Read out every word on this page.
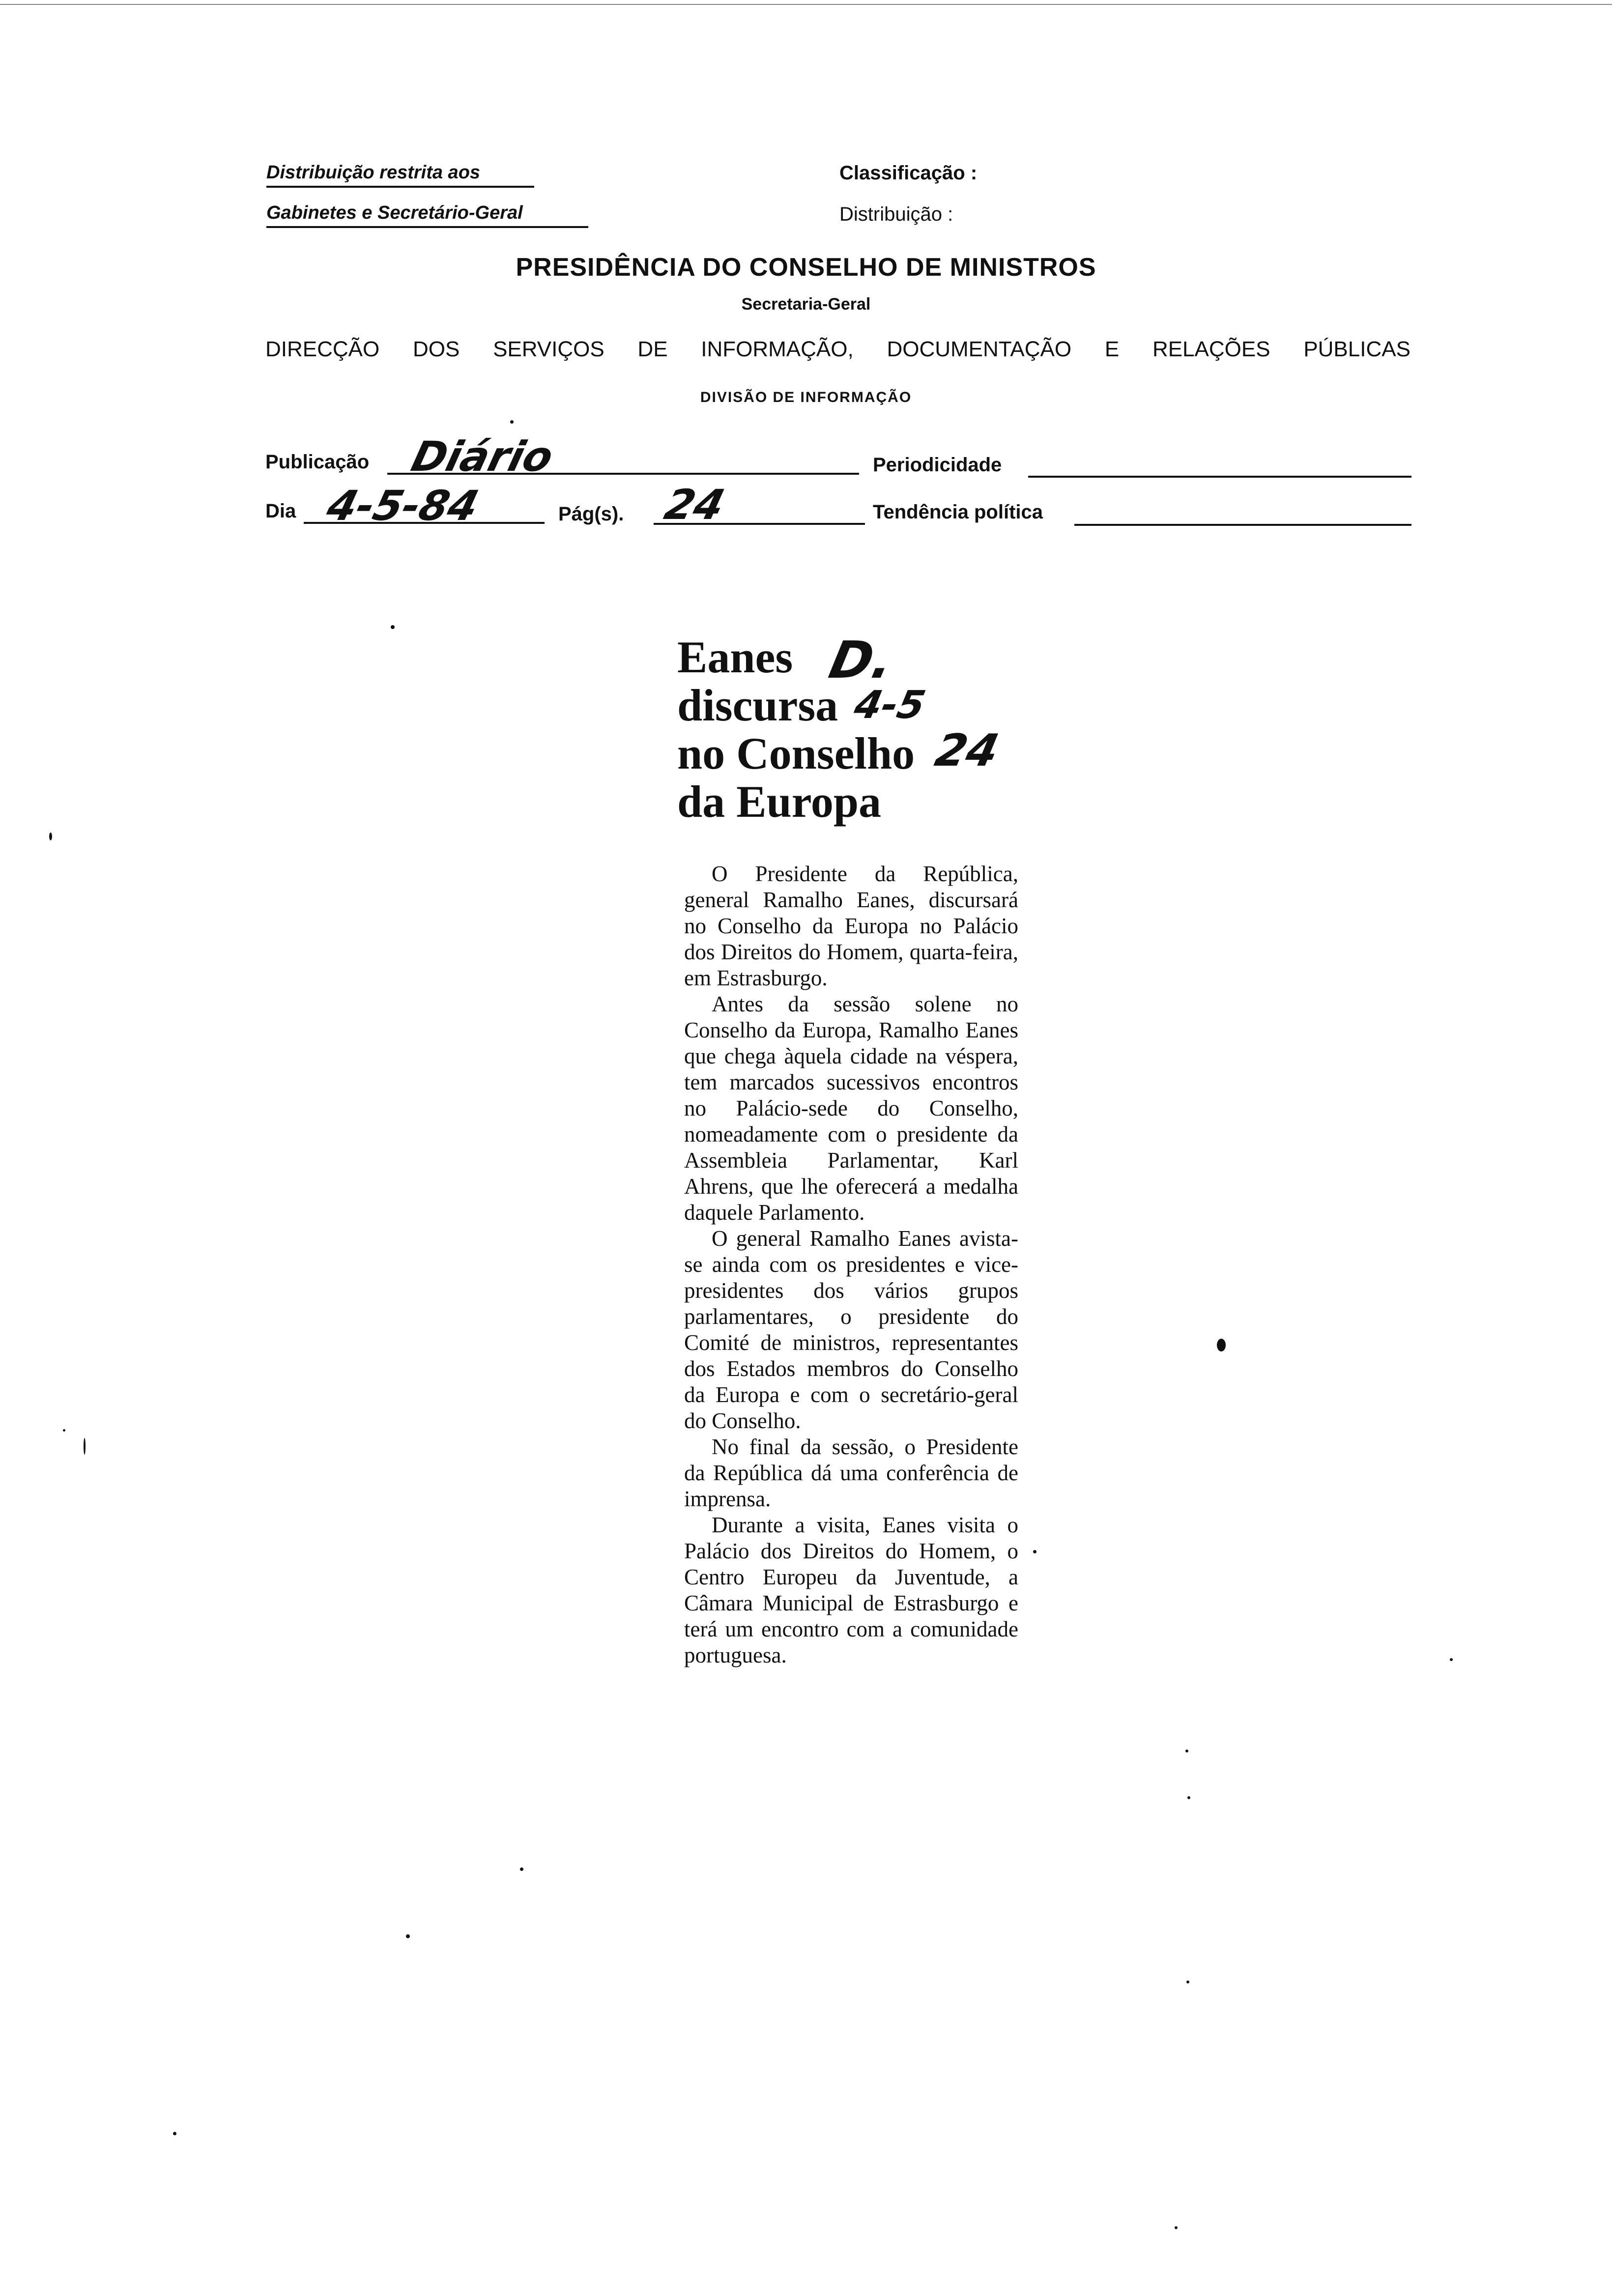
Distribuição restrita aos
Gabinetes e Secretário-Geral
Classificação :
Distribuição :
PRESIDÊNCIA DO CONSELHO DE MINISTROS
Secretaria-Geral
DIRECÇÃO DOS SERVIÇOS DE INFORMAÇÃO, DOCUMENTAÇÃO E RELAÇÕES PÚBLICAS
DIVISÃO DE INFORMAÇÃO
Publicação Diário	Periodicidade
Dia 4-5-84	Pág(s). 24	Tendência política
Eanes
discursa
no Conselho
da Europa
D.
4-5
24

O Presidente da República, general Ramalho Eanes, discursará no Conselho da Europa no Palácio dos Direitos do Homem, quarta-feira, em Estrasburgo.

Antes da sessão solene no Conselho da Europa, Ramalho Eanes que chega àquela cidade na véspera, tem marcados sucessivos encontros no Palácio-sede do Conselho, nomeadamente com o presidente da Assembleia Parlamentar, Karl Ahrens, que lhe oferecerá a medalha daquele Parlamento.

O general Ramalho Eanes avista-se ainda com os presidentes e vice-presidentes dos vários grupos parlamentares, o presidente do Comité de ministros, representantes dos Estados membros do Conselho da Europa e com o secretário-geral do Conselho.

No final da sessão, o Presidente da República dá uma conferência de imprensa.

Durante a visita, Eanes visita o Palácio dos Direitos do Homem, o Centro Europeu da Juventude, a Câmara Municipal de Estrasburgo e terá um encontro com a comunidade portuguesa.
